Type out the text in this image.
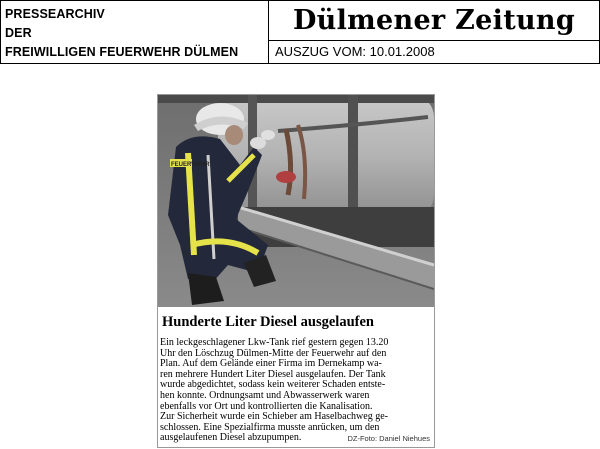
PRESSEARCHIV
DER
FREIWILLIGEN FEUERWEHR DÜLMEN
Dülmener Zeitung
AUSZUG VOM: 10.01.2008
FEUERWEHR
Hunderte Liter Diesel ausgelaufen
Ein leckgeschlagener Lkw-Tank rief gestern gegen 13.20
Uhr den Löschzug Dülmen-Mitte der Feuerwehr auf den
Plan. Auf dem Gelände einer Firma im Dernekamp wa-
ren mehrere Hundert Liter Diesel ausgelaufen. Der Tank
wurde abgedichtet, sodass kein weiterer Schaden entste-
hen konnte. Ordnungsamt und Abwasserwerk waren
ebenfalls vor Ort und kontrollierten die Kanalisation.
Zur Sicherheit wurde ein Schieber am Haselbachweg ge-
schlossen. Eine Spezialfirma musste anrücken, um den
ausgelaufenen Diesel abzupumpen.	DZ-Foto: Daniel Niehues
